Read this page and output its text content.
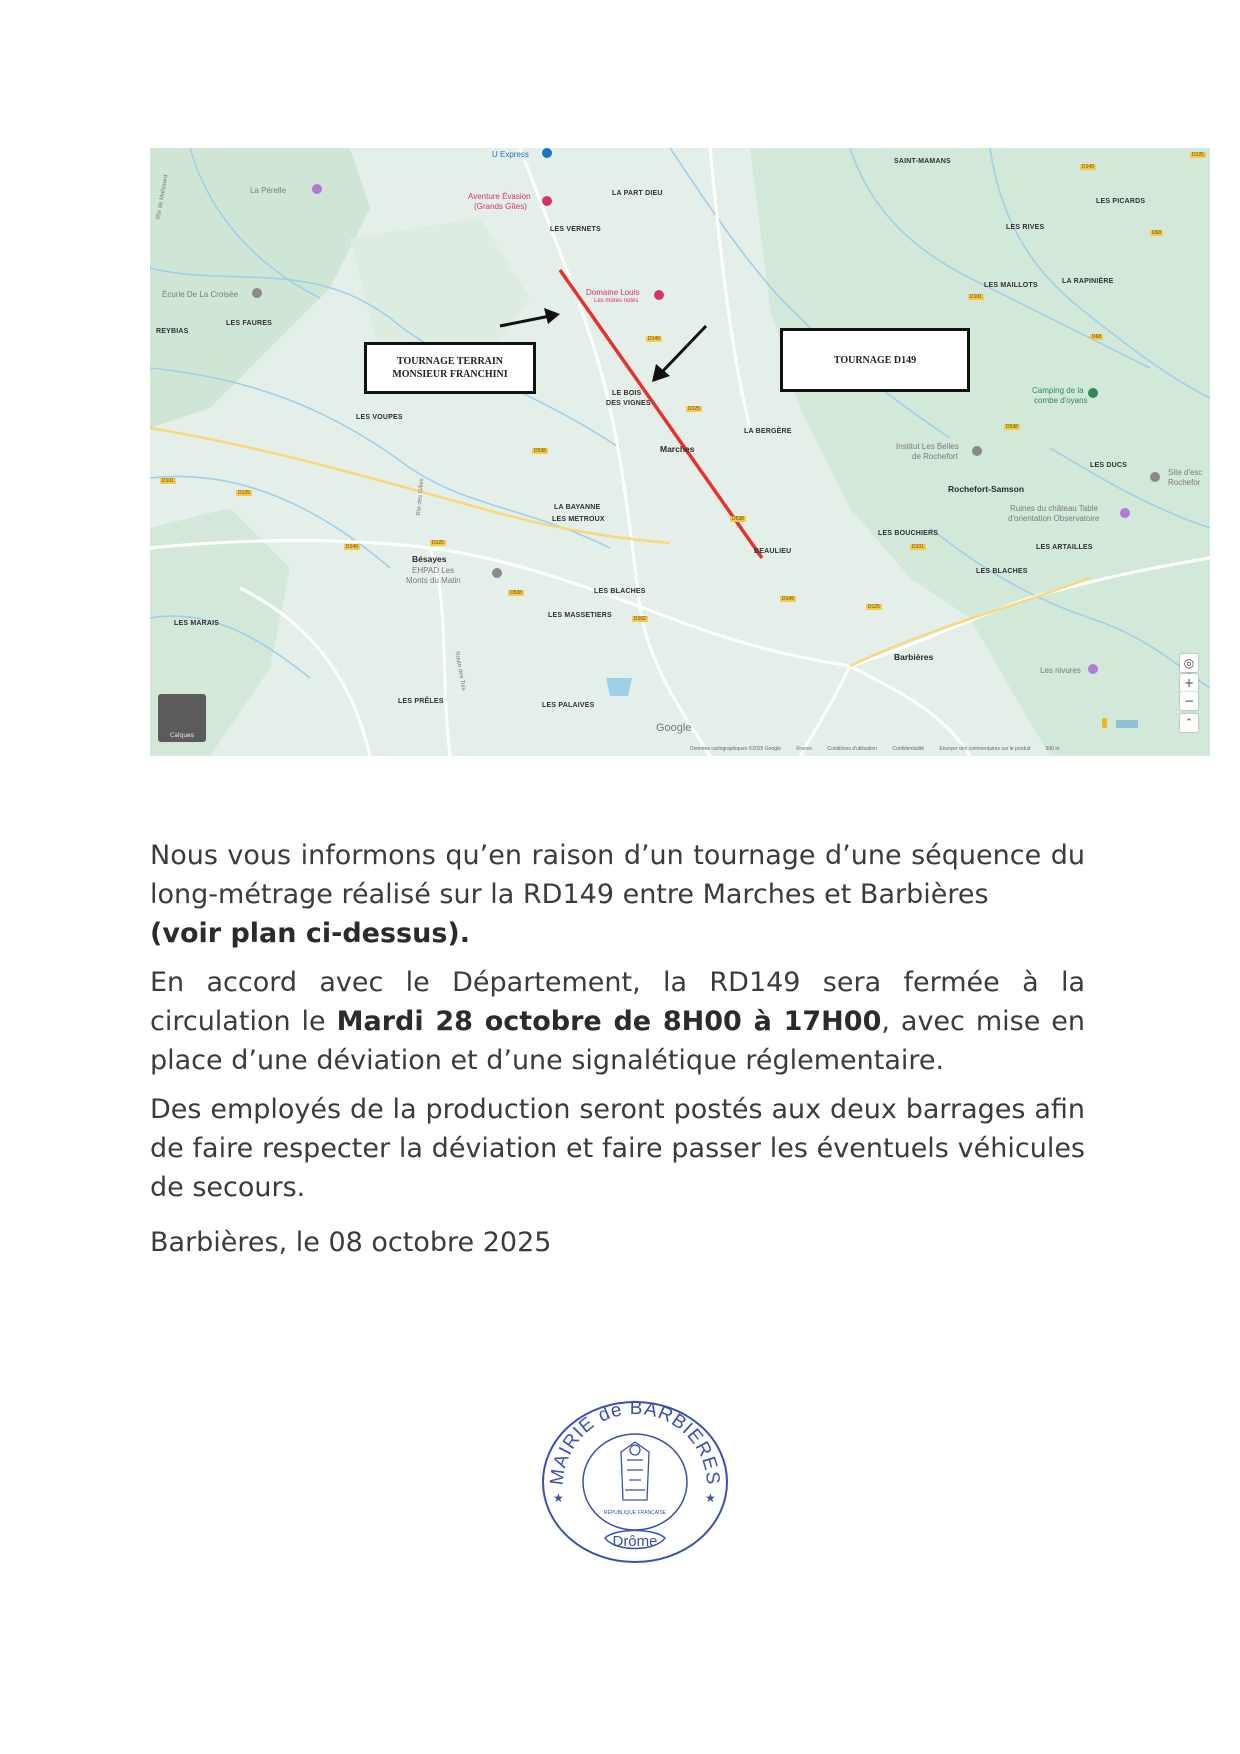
TOURNAGE TERRAIN
MONSIEUR FRANCHINI
TOURNAGE D149
U Express
La Pérelle
Aventure Évasion
(Grands Gîtes)
Écurie De La Croisée	Domaine Louis
Les mûres notés
Camping de la
combe d'oyans
Institut Les Belles
de Rochefort
Ruines du château Table
d'orientation Observatoire
Site d'esc
Rochefor
EHPAD Les
Monts du Matin
Les nivures
SAINT-MAMANS
LA PART DIEU
LES PICARDS
LES VERNETS	LES RIVES
LES MAILLOTS
LA RAPINIÈRE
LES FAURES
REYBIAS
LE BOIS
DES VIGNES
LES VOUPES
LA BERGÈRE
LES DUCS
LA BAYANNE
LES METROUX
LES BOUCHIERS
BEAULIEU
LES ARTAILLES
LES BLACHES
LES BLACHES
LES MASSETIERS
LES MARAIS
LES PRÊLES
LES PALAIVES
Marches
Rochefort-Samson
Bésayes
Barbières
D149
D125
D68
D101
D149	D68
D538
D125
D538
D101
D125
D538
D149
D125
D101
D538
D149
D125
D102
Rte de Malissard
Rte des Gilles
Route des Tois
Calques
Google
◎
+
−
⌃
Données cartographiques ©2025 Google	France	Conditions d'utilisation	Confidentialité	Envoyer des commentaires sur le produit	500 m

Nous vous informons qu’en raison d’un tournage d’une séquence du long-métrage réalisé sur la RD149 entre Marches et Barbières
(voir plan ci-dessus).

En accord avec le Département, la RD149 sera fermée à la circulation le Mardi 28 octobre de 8H00 à 17H00, avec mise en place d’une déviation et d’une signalétique réglementaire.

Des employés de la production seront postés aux deux barrages afin de faire respecter la déviation et faire passer les éventuels véhicules de secours.

Barbières, le 08 octobre 2025

MAIRIE de BARBIERES
RÉPUBLIQUE FRANÇAISE
★	★
Drôme
